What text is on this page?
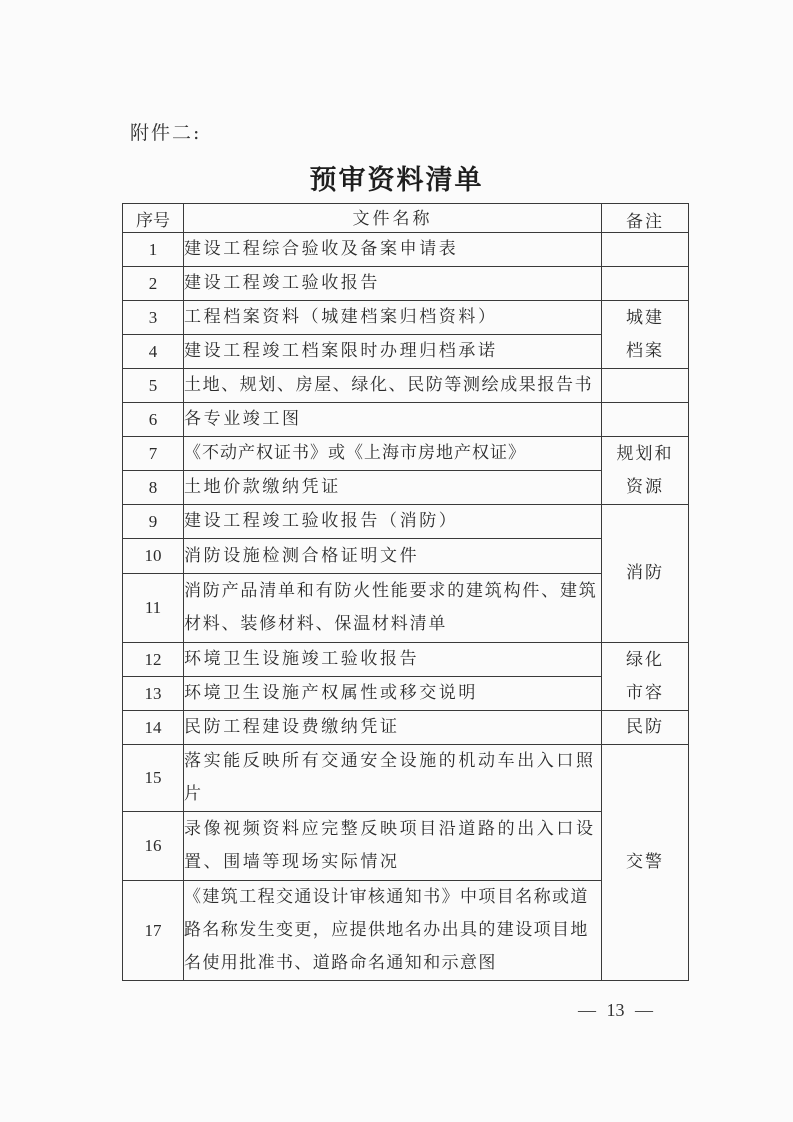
附件二:
预审资料清单
序号	文件名称	备注
1	建设工程综合验收及备案申请表	
2	建设工程竣工验收报告	
3	工程档案资料（城建档案归档资料）	城建档案
4	建设工程竣工档案限时办理归档承诺	
5	土地、规划、房屋、绿化、民防等测绘成果报告书	
6	各专业竣工图	
7	《不动产权证书》或《上海市房地产权证》	规划和资源
8	土地价款缴纳凭证	
9	建设工程竣工验收报告（消防）	消防
10	消防设施检测合格证明文件	
11	消防产品清单和有防火性能要求的建筑构件、建筑材料、装修材料、保温材料清单	
12	环境卫生设施竣工验收报告	绿化市容
13	环境卫生设施产权属性或移交说明	
14	民防工程建设费缴纳凭证	民防
15	落实能反映所有交通安全设施的机动车出入口照片	交警
16	录像视频资料应完整反映项目沿道路的出入口设置、围墙等现场实际情况	
17	《建筑工程交通设计审核通知书》中项目名称或道路名称发生变更，应提供地名办出具的建设项目地名使用批准书、道路命名通知和示意图	
— 13 —
